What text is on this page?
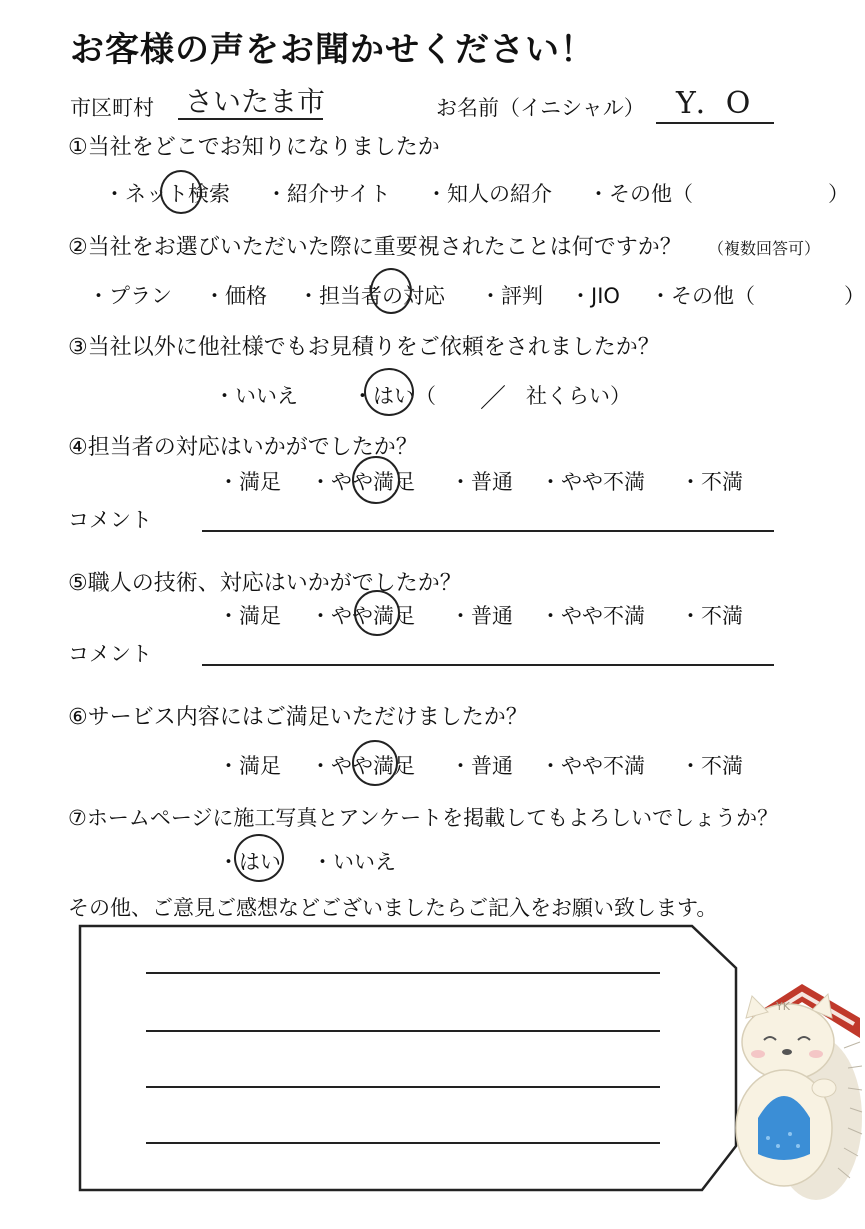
お客様の声をお聞かせください！
市区町村 さいたま市	お名前（イニシャル） Y．O
①当社をどこでお知りになりましたか
・ネット検索 ・紹介サイト ・知人の紹介 ・その他（	）
②当社をお選びいただいた際に重要視されたことは何ですか？ （複数回答可）
・プラン ・価格 ・担当者の対応 ・評判 ・JIO ・その他（	）
③当社以外に他社様でもお見積りをご依頼をされましたか？
・いいえ	・はい（ ／ 社くらい）
④担当者の対応はいかがでしたか？
・満足 ・やや満足 ・普通 ・やや不満 ・不満
コメント
⑤職人の技術、対応はいかがでしたか？
・満足 ・やや満足 ・普通 ・やや不満 ・不満
コメント
⑥サービス内容にはご満足いただけましたか？
・満足 ・やや満足 ・普通 ・やや不満 ・不満
⑦ホームページに施工写真とアンケートを掲載してもよろしいでしょうか？
・はい ・いいえ
その他、ご意見ご感想などございましたらご記入をお願い致します。
YK
